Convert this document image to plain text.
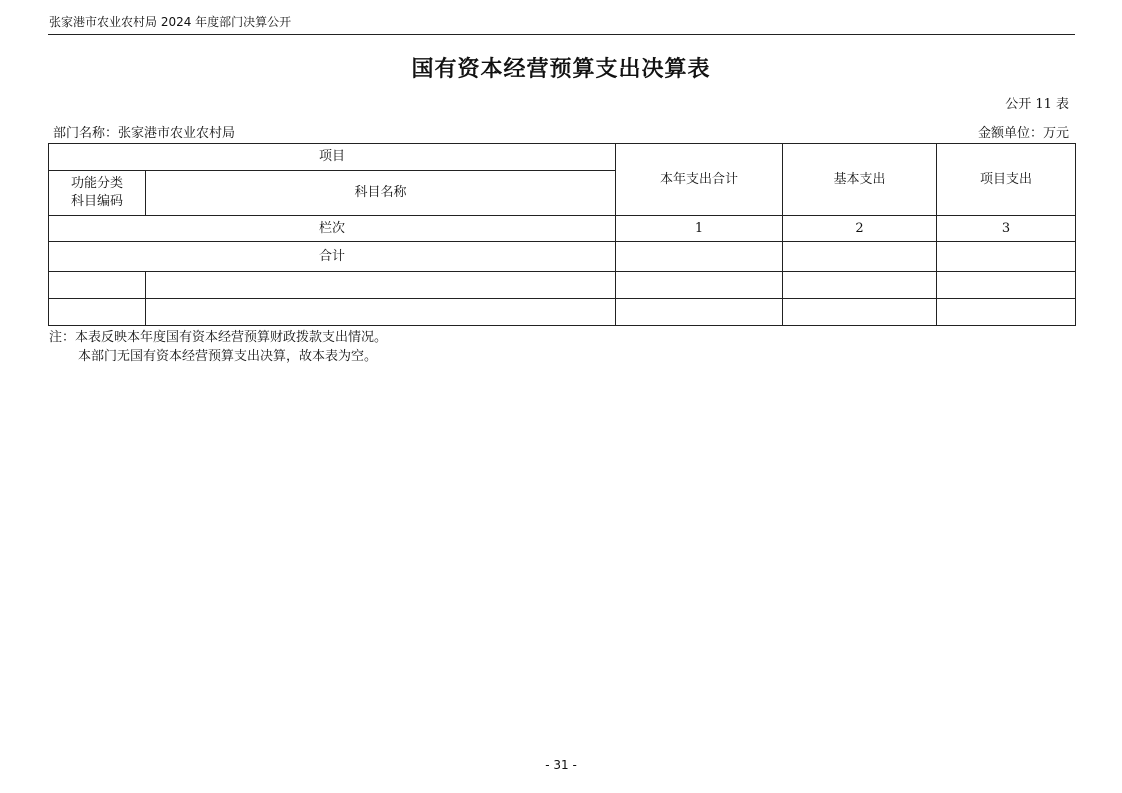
张家港市农业农村局 2024 年度部门决算公开
国有资本经营预算支出决算表
公开 11 表
部门名称：张家港市农业农村局	金额单位：万元
项目		本年支出合计	基本支出	项目支出
功能分类
科目编码	科目名称			
栏次		1	2	3
合计				

注：本表反映本年度国有资本经营预算财政拨款支出情况。
本部门无国有资本经营预算支出决算，故本表为空。
- 31 -
